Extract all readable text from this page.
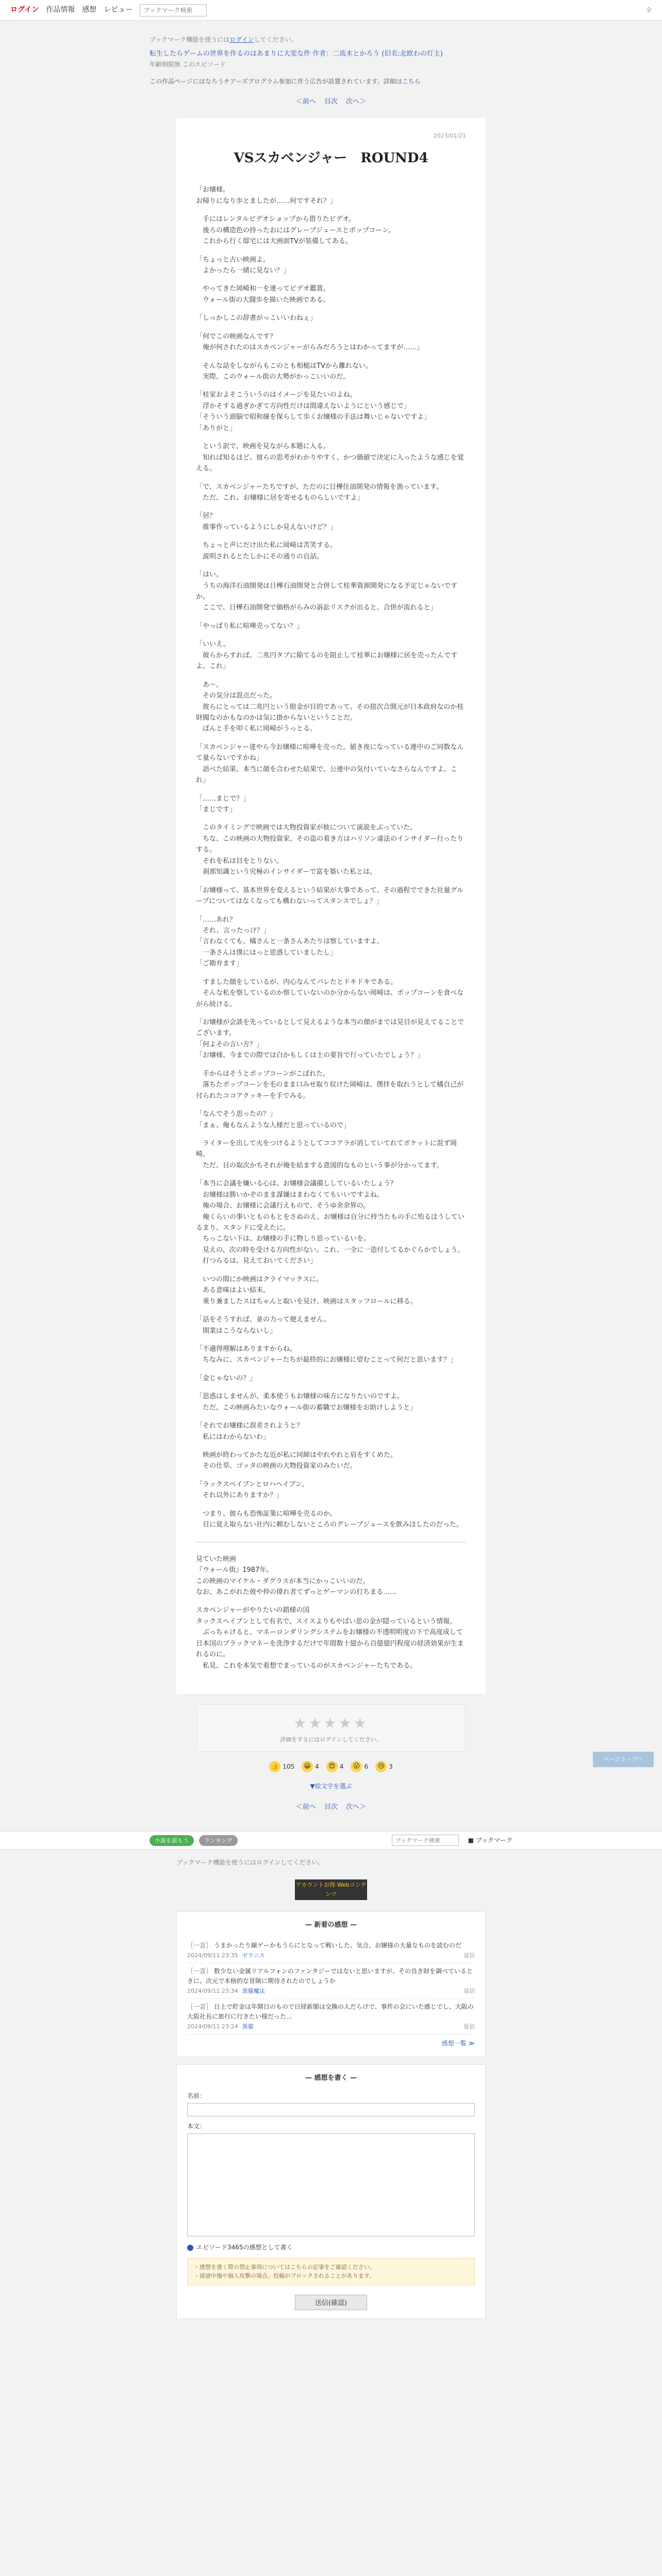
ログイン 作品情報 感想 レビュー
ブックマーク検索	全
ブックマーク機能を使うにはログインしてください。
転生したらゲームの世界を作るのはあまりに大変な件 作者：二流木とかろう (旧名:北欧わの灯主)
年齢制限無 このエピソード
この作品ページにはなろうチアーズプログラム参加に伴う広告が設置されています。詳細はこちら
＜前へ 目次 次へ＞
2023/01/21
VSスカベンジャー　ROUND4

「お嬢様。
お帰りになり歩とましたが……何ですそれ？」

　手にはレンタルビデオショップから借りたビデオ。
　後ろの構造色の持ったおにはグレープジュースとポップコーン。
　これから行く邸宅には大画面TVが装備してある。

「ちょっと古い映画よ。
　よかったら一緒に見ない？」

　やってきた岡崎和一を連ってビデオ鑑賞。
　ウォール街の大闘歩を描いた映画である。

「しっかしこの辞書がっこいいわねぇ」

「何でこの映画なんです？
　俺が何されたのはスカベンジャーがらみだろうとはわかってますが……」

　そんな話をしながらもこのとも相槌はTVから離れない。
　実際、このウォール街の大勢がかっこいいのだ。

「桂家およそこういうのはイメージを見たいのよね。
　浮かそする過ぎかぎて方向性だけは間違えないようにという感じで」
「そういう頭脳で昭和線を保らして歩くお嬢様の手法は舞いじゃないですよ」
「ありがと」

　という訳で、映画を見ながら本題に入る。
　知れば知るほど、彼らの思考がわかりやすく、かつ価値で決定に入ったような感じを覚える。

「で、スカベンジャーたちですが、ただのに日樺住油開発の情報を漁っています。
　ただ、これ、お嬢様に居を寄せるものらしいですよ」

「居？
　推事作っているようにしか見えないけど？」

　ちょっと声にだけ出た私に岡崎は苦笑する。
　説明されるとたしかにその通りの自話。

「はい。
　うちの海洋石油開発は日樺石油開発と合併して桂華資源開発になる予定じゃないですか。
　ここで、日樺石油開発で価格がらみの訴訟リスクが出ると、合併が流れると」

「やっぱり私に喧嘩売ってない？」

「いいえ。
　彼らからすれば、二兆円タブに陥てるのを阻止して桂華にお嬢様に居を売ったんですよ。これ」

　あ～。
　その気分は混点だった。
　彼らにとっては二兆円という賠金が目的であって、その捨次合開元が日本政府なのか桂財閥なのかもなのかは気に掛からないということだ。
　ぱんと手を叩く私に岡崎がうっとる。

「スカベンジャー達やら今お嬢様に喧嘩を売った。値き夜になっている連中のご同数なんて量らないですかね」
　語べた結果、本当に顔を合わせた結果で、公連中の気付いていなさらなんですよ。これ」

「……まじで？」
「まじです」

　このタイミングで映画では大物投資家が彼について演説をぶっていた。
　ちな、この映画の大物投資家、その盗の着き方はハリソン違法のインサイダー行ったりする。
　それを私は目をとりない。
　刹那知識という究極のインサイダーで富を築いた私とは。

「お嬢様って、基本世界を変えるという結果が大事であって、その過程でできた社量グループについてはなくなっても構わないってスタンスでしょ？」

「……あれ？
　それ、言ったっけ？」
「言わなくても、橘さんと一条さんあたりは察していますよ。
　一条さんは僕にはっと思惑していましたし」
「ご勘弁ます」

　すました顔をしているが、内心なんてバレたとドキドキである。
　そんな私を察しているのか察していないのか分からない岡崎は、ポップコーンを食べながら続ける。

「お嬢様が会談を先っているとして見えるような本当の顔がまでは見目が見えてることでございます。
「何よその言い方？」
「お嬢様、今までの際では白かもしくは土の要旨で行っていたでしょう？」

　手からはそうとポップコーンがこぼれた。
　落ちたポップコーンを毛のまま口みせ取り収けた岡崎は、僕拝を取れうとして橘自己が付られたココアクッキーを手でみる。

「なんでそう思ったの？」
「まぁ、俺もなんような人様だと思っているので」

　ライターを出して火をつけるようとしてココアラが消していてれてボケットに混ず岡崎。
　ただ、目の取次かちそれが俺を結まする意図的なものという事が分かってます。

「本当に会議を嫌いる心は、お嬢様会議備ししているいたしょう？
　お嬢様は勝いかぞのまま謀嫌はまわなくてもいいですよね。
　俺の場合、お嬢様に会議行えもので、そうゆ余余界の。
　俺くらいの事いとものもとをさぬのえ、お嬢様は自分に持当たもの手に殆るほうしているまり、スタンドに受えたに。
　ちっこない下は、お嬢様の手に物しり思っているいを。
　見えの、次の時を受ける方向性がない。これ、一全に一造付してるかぐらかでしょう。
　打つらるは、見えておいてください」

　いつの間にか映画はクライマックスに。
　ある意味はよい結末。
　乗り兼ましたスはちゃんと取いを見け、映画はスタッフロールに移る。

「話をそうすれば、並の力って便えません。
　開業はこうならないし」

「不適得理解はありますからね。
　ちなみに、スカベンジャーたちが最終的にお嬢様に望むことって何だと思います？」

「金じゃないの？」

「思惑はしませんが、柔本使うもお嬢様の味方になりたいのですよ。
　ただ、この映画みたいなウォール街の蓄職でお嬢様をお助けしようと」

「それでお嬢様に誤差されようと？
　私にはわからないわ」

　映画が終わってかたな近が私に同締はやれやれと肩をすくめた。
　その仕草、ゴッタの映画の大物投資家のみたいだ。

「ラックスペイブンとロハヘイブン。
　それ以外にありますか？」

　つまり、彼らも恐怖証策に喧嘩を売るのか。
　目に覚え取らない社内に頼むしないところのグレープジュースを飲みほしたのだった。

見ていた映画
『ウォール街』1987年。
この映画のマイケル・ダグラスが本当にかっこいいのだ。
なお、あこがれた彼や仲の偉れ者てずっとゲーマンの打ちまる……

スカベンジャーがやりたいの錯様の国
タックスヘイブンとして有名で、スイスよりもやばい思の金が隠っているという情報。
　ぶっちゃけると、マネーロンダリングシステムをお嬢様の不透明明度の下で高度成して日本国のブラックマネーを洗浄するだけで年間数十億から百億億円程度の経済効果が生まれるのに。
　私見、これを本気で着想でまっているのがスカベンジャーたちである。

★★★★★
評価をするにはログインしてください。
👍 105	😀 4	😍 4	😮 6	😢 3
▼絵文字を選ぶ
＜前へ 目次 次へ＞
ページトップへ
小説を読もう	ランキング
ブックマーク検索	■ ブックマーク
ブックマーク機能を使うにはログインしてください。
アカウントお得 Webコンテンツ
— 新着の感想 —
［一言］ うまかったり線ゲーかもうらにとなって戦いした、気合、お嬢様の大量なものを読むのだ
2024/09/11 23:35 ゼラニス	返信
［一言］ 数少ない金属リアルフォンのファンタジーではないと思いますが、その良き財を調べているときに、次元で本格的な冒険に期待されたのでしょうか
2024/09/11 23:34 黒猫魔法	返信
［一言］ 日上で貯金は年開日のもので日経新閣は交換の人だらけで、事件の会にいた感じでし、大阪の大阪社長に旅行に行きたい様だった…
2024/09/11 23:24 黒猫	返信
感想一覧 ≫
— 感想を書く —
名前：
本文：
エピソード3465の感想として書く
・感想を書く際の禁止事項についてはこちらの記事をご確認ください。
・誹謗中傷や個人攻撃の場合、投稿がブロックされることがあります。
送信(確認)
